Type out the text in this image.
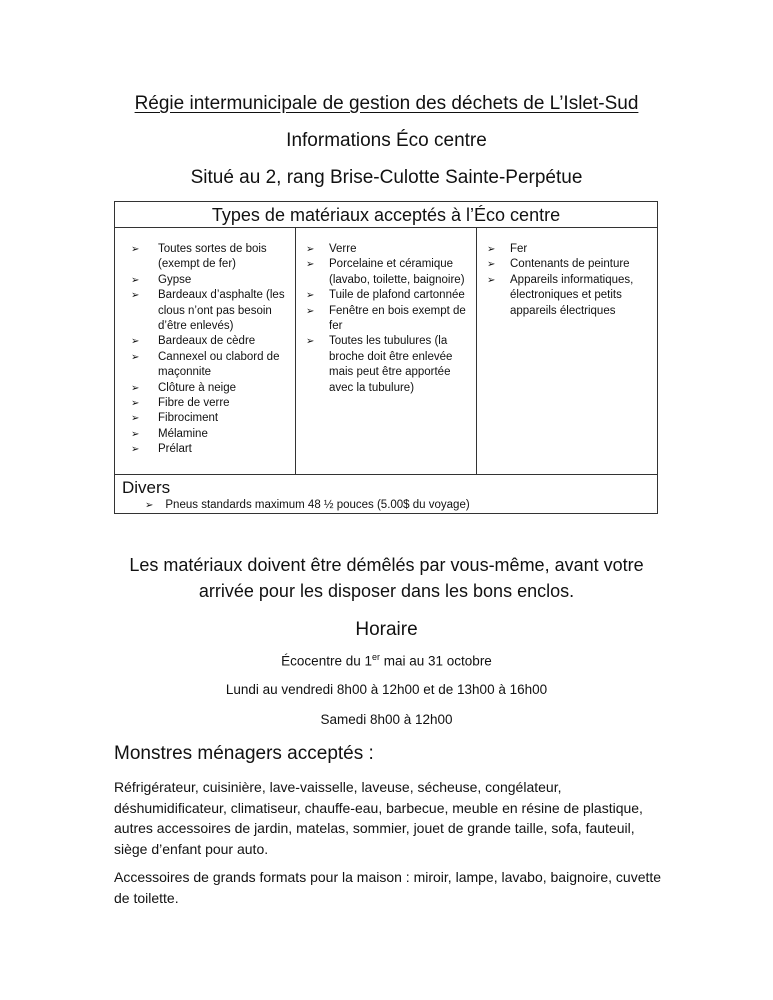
Régie intermunicipale de gestion des déchets de L’Islet-Sud
Informations Éco centre
Situé au 2, rang Brise-Culotte Sainte-Perpétue
Types de matériaux acceptés à l’Éco centre
➢ Toutes sortes de bois (exempt de fer)
➢ Gypse
➢ Bardeaux d’asphalte (les clous n’ont pas besoin d’être enlevés)
➢ Bardeaux de cèdre
➢ Cannexel ou clabord de maçonnite
➢ Clôture à neige
➢ Fibre de verre
➢ Fibrociment
➢ Mélamine
➢ Prélart
➢ Verre
➢ Porcelaine et céramique (lavabo, toilette, baignoire)
➢ Tuile de plafond cartonnée
➢ Fenêtre en bois exempt de fer
➢ Toutes les tubulures (la broche doit être enlevée mais peut être apportée avec la tubulure)
➢ Fer
➢ Contenants de peinture
➢ Appareils informatiques, électroniques et petits appareils électriques
Divers
➢ Pneus standards maximum 48 ½ pouces (5.00$ du voyage)
Les matériaux doivent être démêlés par vous-même, avant votre
arrivée pour les disposer dans les bons enclos.
Horaire
Écocentre du 1er mai au 31 octobre
Lundi au vendredi 8h00 à 12h00 et de 13h00 à 16h00
Samedi 8h00 à 12h00
Monstres ménagers acceptés :
Réfrigérateur, cuisinière, lave-vaisselle, laveuse, sécheuse, congélateur,
déshumidificateur, climatiseur, chauffe-eau, barbecue, meuble en résine de plastique,
autres accessoires de jardin, matelas, sommier, jouet de grande taille, sofa, fauteuil,
siège d’enfant pour auto.
Accessoires de grands formats pour la maison : miroir, lampe, lavabo, baignoire, cuvette
de toilette.
